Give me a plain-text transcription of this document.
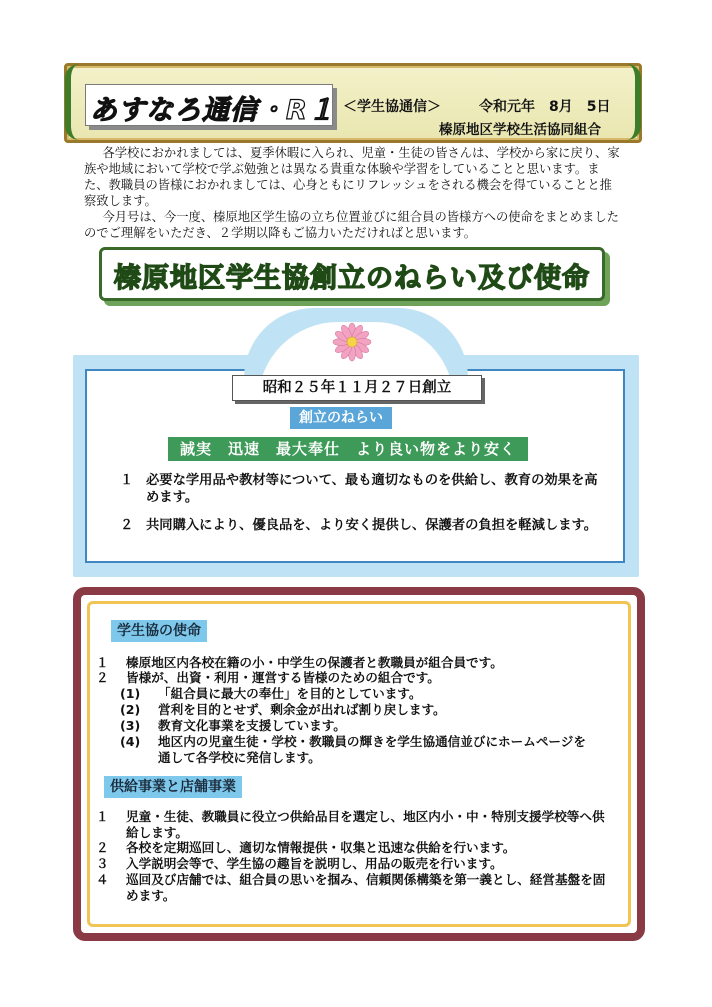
あすなろ通信・R１ ＜学生協通信＞	令和元年　8月　5日
榛原地区学校生活協同組合

各学校におかれましては、夏季休暇に入られ、児童・生徒の皆さんは、学校から家に戻り、家族や地域において学校で学ぶ勉強とは異なる貴重な体験や学習をしていることと思います。また、教職員の皆様におかれましては、心身ともにリフレッシュをされる機会を得ていることと推察致します。

今月号は、今一度、榛原地区学生協の立ち位置並びに組合員の皆様方への使命をまとめましたのでご理解をいただき、２学期以降もご協力いただければと思います。

榛原地区学生協創立のねらい及び使命
昭和２５年１１月２７日創立
創立のねらい
誠実　迅速　最大奉仕　より良い物をより安く
１ 必要な学用品や教材等について、最も適切なものを供給し、教育の効果を高めます。
２ 共同購入により、優良品を、より安く提供し、保護者の負担を軽減します。
学生協の使命
１ 榛原地区内各校在籍の小・中学生の保護者と教職員が組合員です。
２ 皆様が、出資・利用・運営する皆様のための組合です。
(1) 「組合員に最大の奉仕」を目的としています。
(2) 営利を目的とせず、剰余金が出れば割り戻します。
(3) 教育文化事業を支援しています。
(4) 地区内の児童生徒・学校・教職員の輝きを学生協通信並びにホームページを通して各学校に発信します。
供給事業と店舗事業
１ 児童・生徒、教職員に役立つ供給品目を選定し、地区内小・中・特別支援学校等へ供給します。
２ 各校を定期巡回し、適切な情報提供・収集と迅速な供給を行います。
３ 入学説明会等で、学生協の趣旨を説明し、用品の販売を行います。
４ 巡回及び店舗では、組合員の思いを掴み、信頼関係構築を第一義とし、経営基盤を固めます。
